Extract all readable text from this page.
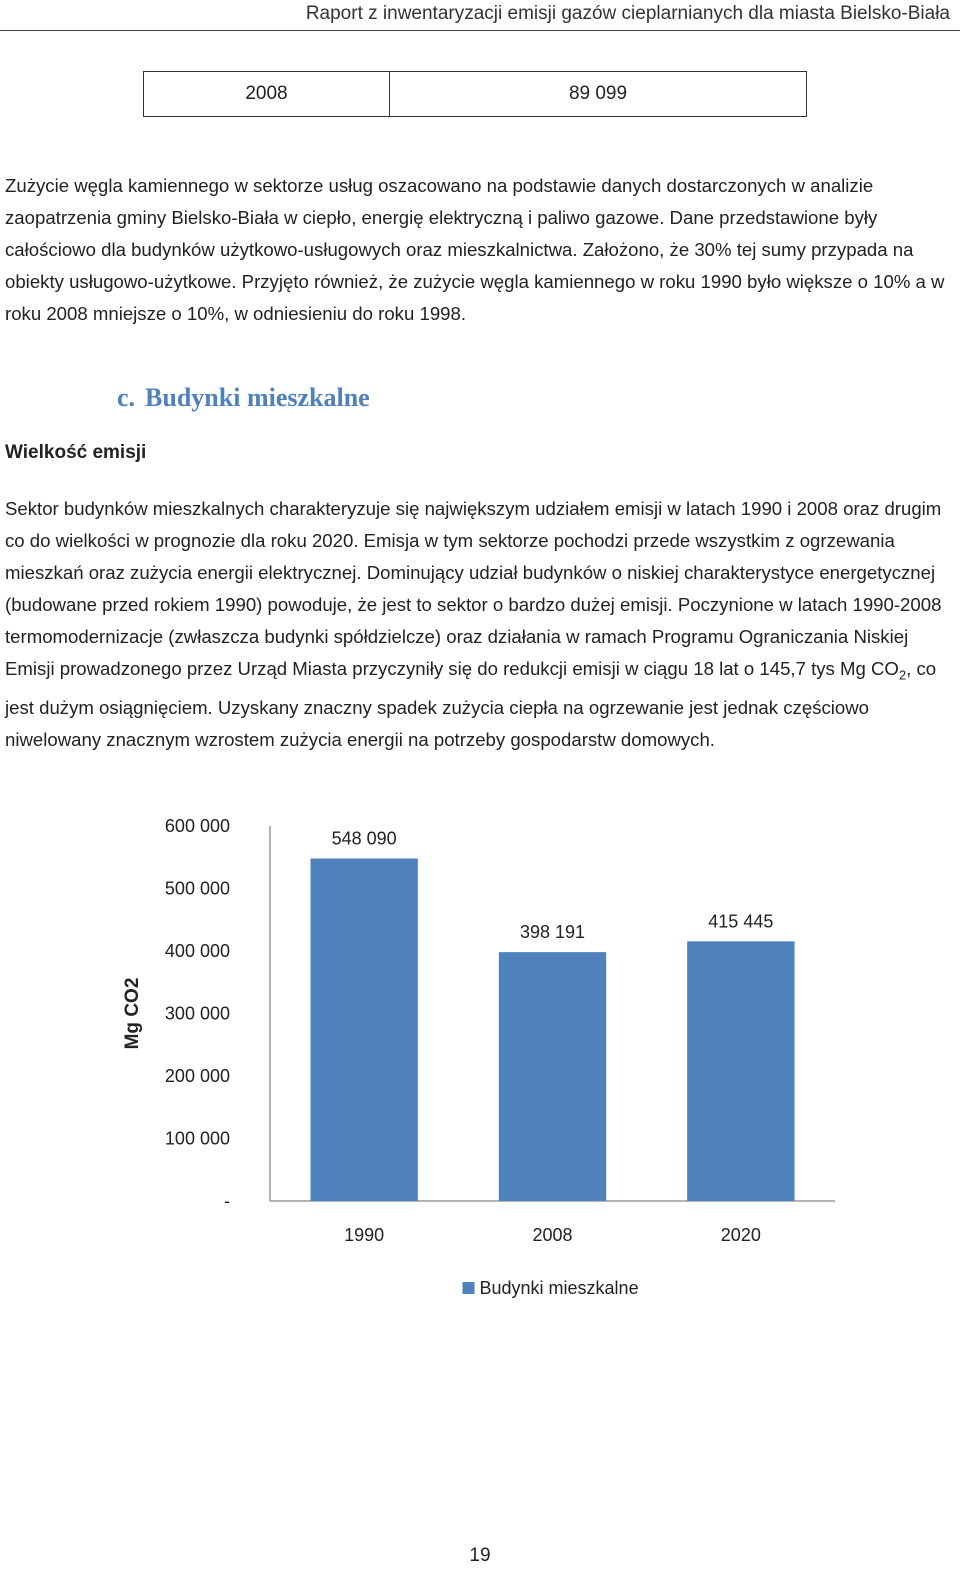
Raport z inwentaryzacji emisji gazów cieplarnianych dla miasta Bielsko-Biała
2008	89 099

Zużycie węgla kamiennego w sektorze usług oszacowano na podstawie danych dostarczonych w analizie zaopatrzenia gminy Bielsko-Biała w ciepło, energię elektryczną i paliwo gazowe. Dane przedstawione były całościowo dla budynków użytkowo-usługowych oraz mieszkalnictwa. Założono, że 30% tej sumy przypada na obiekty usługowo-użytkowe. Przyjęto również, że zużycie węgla kamiennego w roku 1990 było większe o 10% a w roku 2008 mniejsze o 10%, w odniesieniu do roku 1998.

c. Budynki mieszkalne
Wielkość emisji

Sektor budynków mieszkalnych charakteryzuje się największym udziałem emisji w latach 1990 i 2008 oraz drugim co do wielkości w prognozie dla roku 2020. Emisja w tym sektorze pochodzi przede wszystkim z ogrzewania mieszkań oraz zużycia energii elektrycznej. Dominujący udział budynków o niskiej charakterystyce energetycznej (budowane przed rokiem 1990) powoduje, że jest to sektor o bardzo dużej emisji. Poczynione w latach 1990-2008 termomodernizacje (zwłaszcza budynki spółdzielcze) oraz działania w ramach Programu Ograniczania Niskiej Emisji prowadzonego przez Urząd Miasta przyczyniły się do redukcji emisji w ciągu 18 lat o 145,7 tys Mg $CO_2$, co jest dużym osiągnięciem. Uzyskany znaczny spadek zużycia ciepła na ogrzewanie jest jednak częściowo niwelowany znacznym wzrostem zużycia energii na potrzeby gospodarstw domowych.

-
100 000
200 000
300 000
400 000
500 000
600 000
Mg CO2
548 090
1990
398 191
2008
415 445
2020
Budynki mieszkalne
19
